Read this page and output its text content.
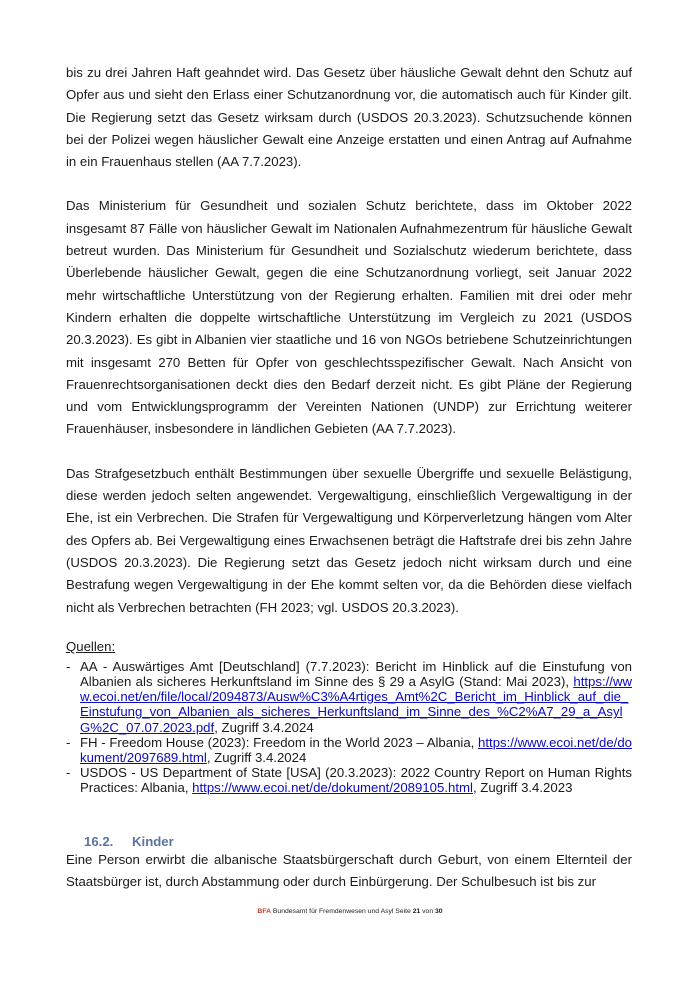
bis zu drei Jahren Haft geahndet wird. Das Gesetz über häusliche Gewalt dehnt den Schutz auf Opfer aus und sieht den Erlass einer Schutzanordnung vor, die automatisch auch für Kinder gilt. Die Regierung setzt das Gesetz wirksam durch (USDOS 20.3.2023). Schutzsuchende können bei der Polizei wegen häuslicher Gewalt eine Anzeige erstatten und einen Antrag auf Aufnahme in ein Frauenhaus stellen (AA 7.7.2023).

Das Ministerium für Gesundheit und sozialen Schutz berichtete, dass im Oktober 2022 insgesamt 87 Fälle von häuslicher Gewalt im Nationalen Aufnahmezentrum für häusliche Gewalt betreut wurden. Das Ministerium für Gesundheit und Sozialschutz wiederum berichtete, dass Überlebende häuslicher Gewalt, gegen die eine Schutzanordnung vorliegt, seit Januar 2022 mehr wirtschaftliche Unterstützung von der Regierung erhalten. Familien mit drei oder mehr Kindern erhalten die doppelte wirtschaftliche Unterstützung im Vergleich zu 2021 (USDOS 20.3.2023). Es gibt in Albanien vier staatliche und 16 von NGOs betriebene Schutzeinrichtungen mit insgesamt 270 Betten für Opfer von geschlechtsspezifischer Gewalt. Nach Ansicht von Frauenrechtsorganisationen deckt dies den Bedarf derzeit nicht. Es gibt Pläne der Regierung und vom Entwicklungsprogramm der Vereinten Nationen (UNDP) zur Errichtung weiterer Frauenhäuser, insbesondere in ländlichen Gebieten (AA 7.7.2023).

Das Strafgesetzbuch enthält Bestimmungen über sexuelle Übergriffe und sexuelle Belästigung, diese werden jedoch selten angewendet. Vergewaltigung, einschließlich Vergewaltigung in der Ehe, ist ein Verbrechen. Die Strafen für Vergewaltigung und Körperverletzung hängen vom Alter des Opfers ab. Bei Vergewaltigung eines Erwachsenen beträgt die Haftstrafe drei bis zehn Jahre (USDOS 20.3.2023). Die Regierung setzt das Gesetz jedoch nicht wirksam durch und eine Bestrafung wegen Vergewaltigung in der Ehe kommt selten vor, da die Behörden diese vielfach nicht als Verbrechen betrachten (FH 2023; vgl. USDOS 20.3.2023).

Quellen:
- AA - Auswärtiges Amt [Deutschland] (7.7.2023): Bericht im Hinblick auf die Einstufung von Albanien als sicheres Herkunftsland im Sinne des § 29 a AsylG (Stand: Mai 2023), https://www.ecoi.net/en/file/local/2094873/Ausw%C3%A4rtiges_Amt%2C_Bericht_im_Hinblick_auf_die_Einstufung_von_Albanien_als_sicheres_Herkunftsland_im_Sinne_des_%C2%A7_29_a_AsylG%2C_07.07.2023.pdf, Zugriff 3.4.2024
- FH - Freedom House (2023): Freedom in the World 2023 – Albania, https://www.ecoi.net/de/dokument/2097689.html, Zugriff 3.4.2024
- USDOS - US Department of State [USA] (20.3.2023): 2022 Country Report on Human Rights Practices: Albania, https://www.ecoi.net/de/dokument/2089105.html, Zugriff 3.4.2023
16.2. Kinder

Eine Person erwirbt die albanische Staatsbürgerschaft durch Geburt, von einem Elternteil der Staatsbürger ist, durch Abstammung oder durch Einbürgerung. Der Schulbesuch ist bis zur

BFA Bundesamt für Fremdenwesen und Asyl Seite 21 von 30
